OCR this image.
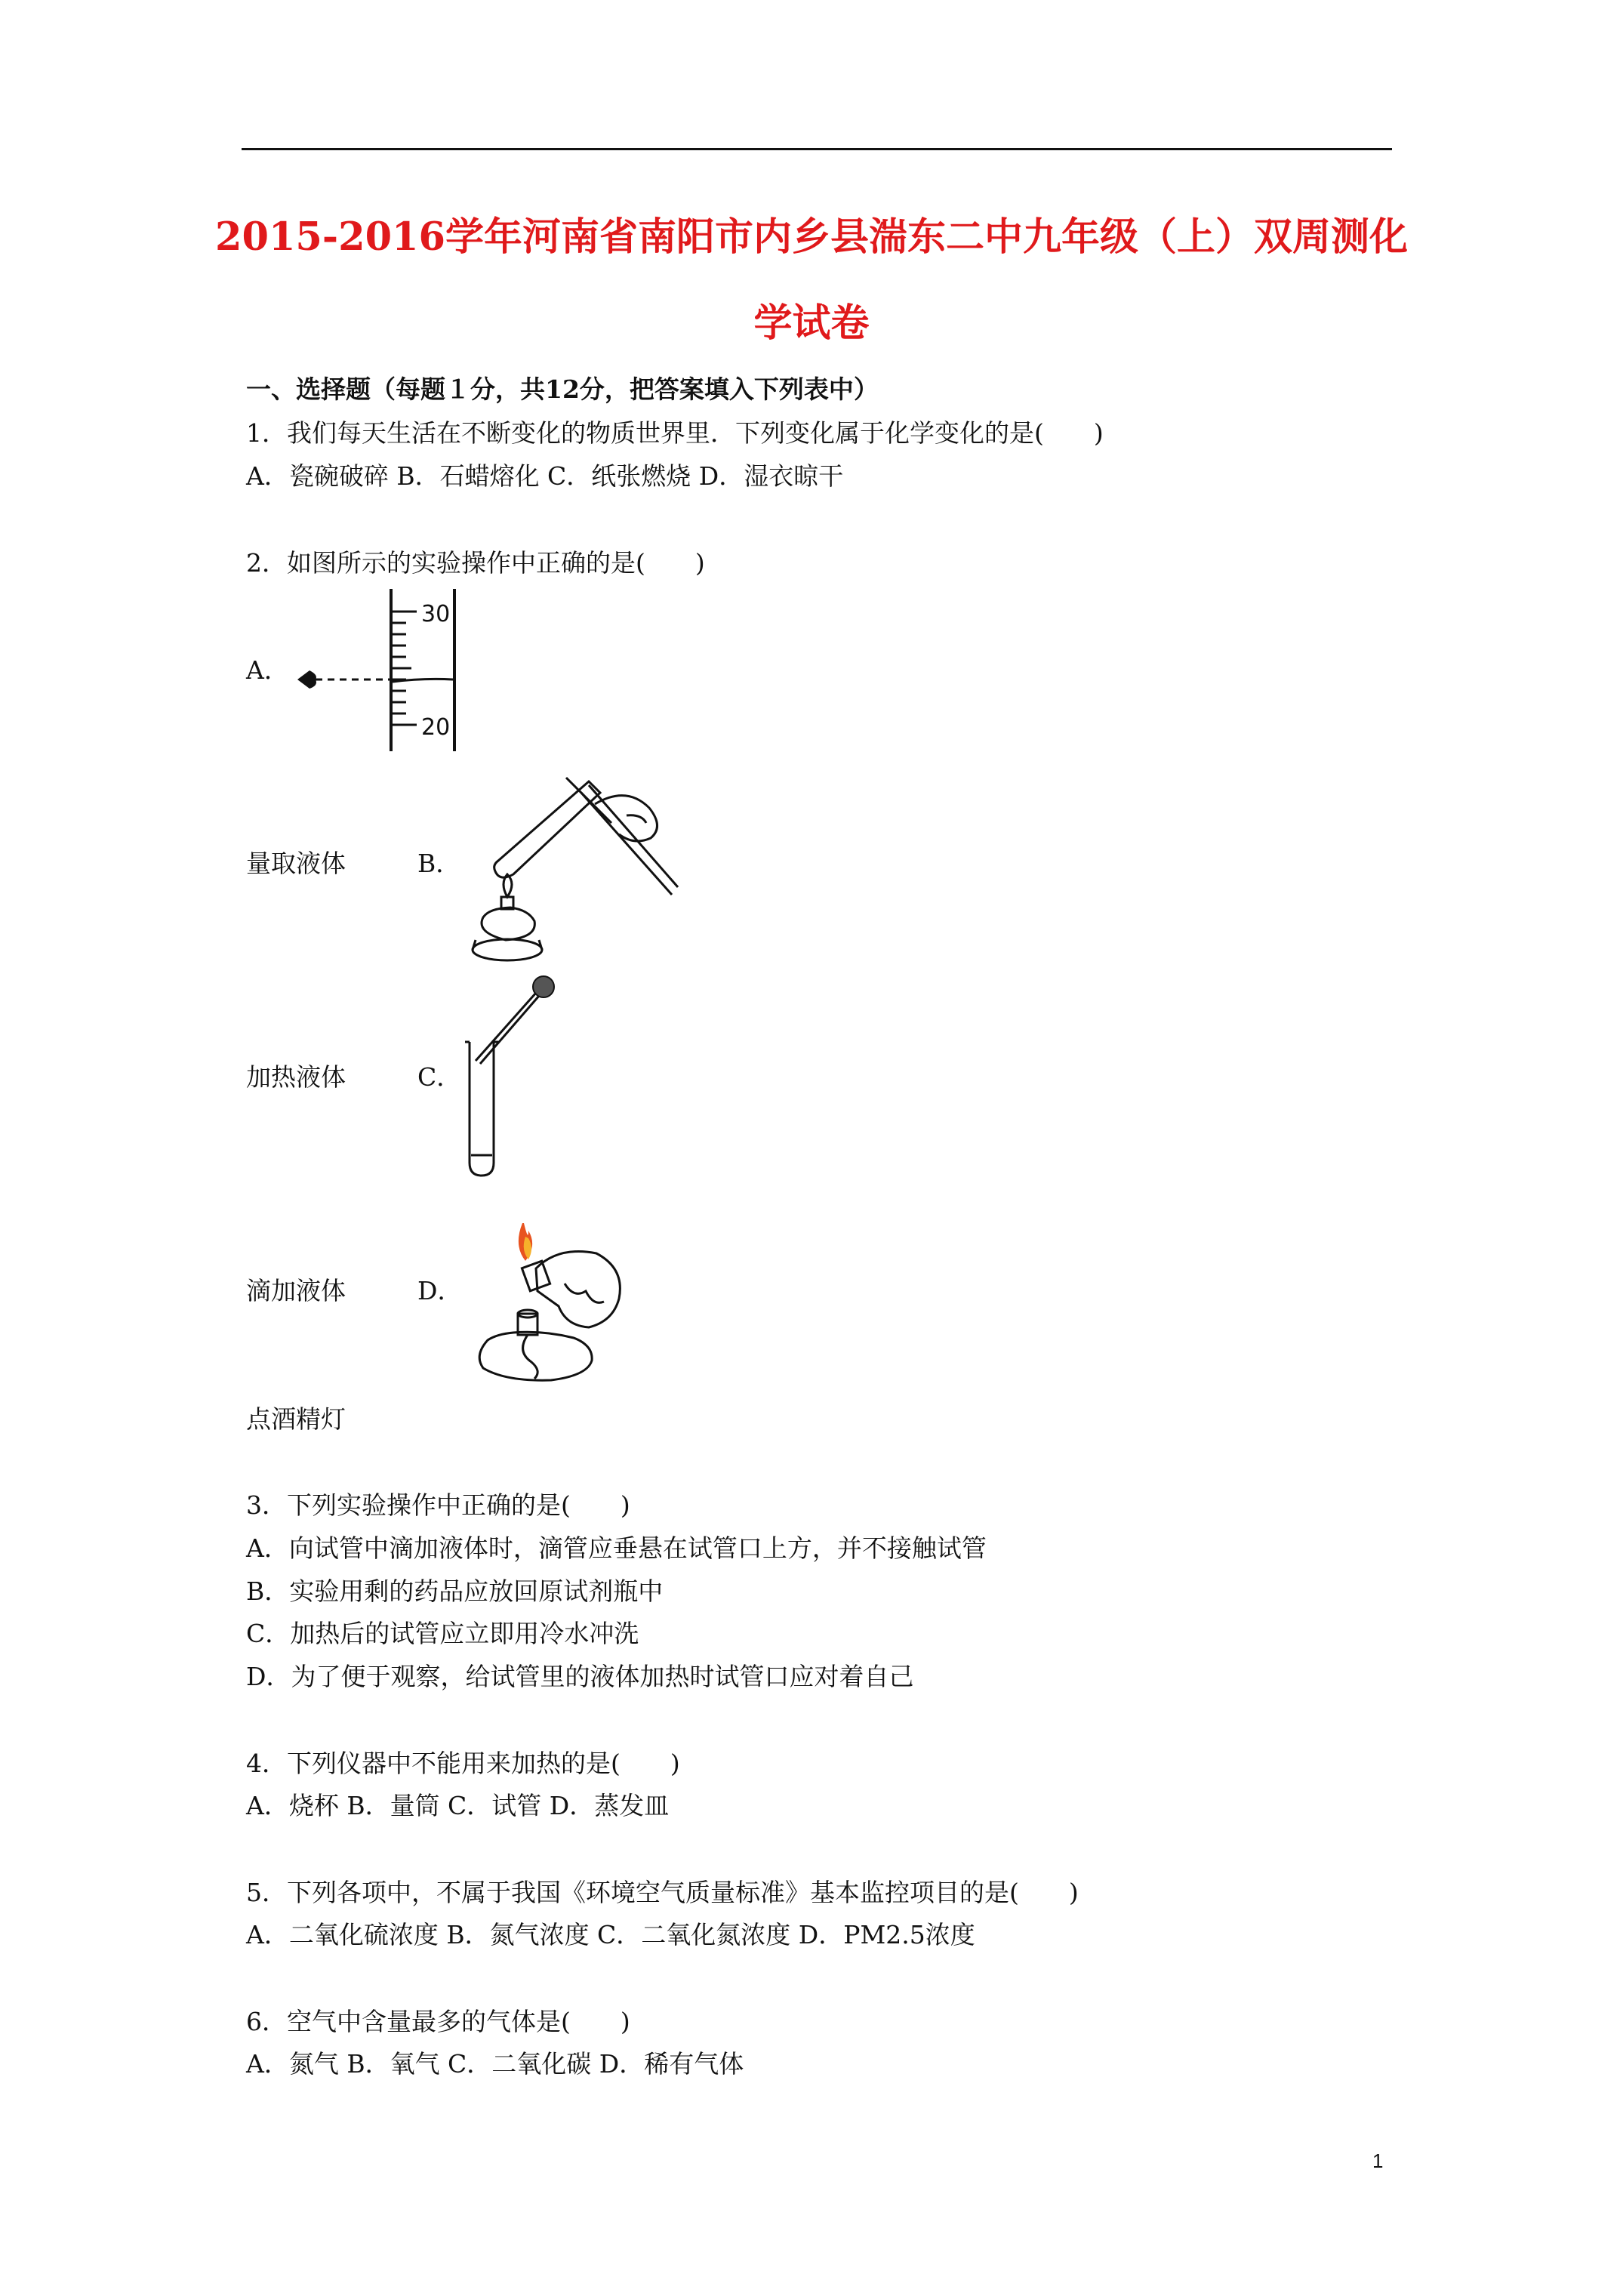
2015-2016学年河南省南阳市内乡县湍东二中九年级（上）双周测化
学试卷
一、选择题（每题１分，共12分，把答案填入下列表中）
1．我们每天生活在不断变化的物质世界里．下列变化属于化学变化的是(　　)
A．瓷碗破碎 B．石蜡熔化 C．纸张燃烧 D．湿衣晾干
2．如图所示的实验操作中正确的是(　　)
A．
30
20
量取液体	B．
加热液体	C．
滴加液体	D．
点酒精灯
3．下列实验操作中正确的是(　　)
A．向试管中滴加液体时，滴管应垂悬在试管口上方，并不接触试管
B．实验用剩的药品应放回原试剂瓶中
C．加热后的试管应立即用冷水冲洗
D．为了便于观察，给试管里的液体加热时试管口应对着自己
4．下列仪器中不能用来加热的是(　　)
A．烧杯 B．量筒 C．试管 D．蒸发皿
5．下列各项中，不属于我国《环境空气质量标准》基本监控项目的是(　　)
A．二氧化硫浓度 B．氮气浓度 C．二氧化氮浓度 D．PM2.5浓度
6．空气中含量最多的气体是(　　)
A．氮气 B．氧气 C．二氧化碳 D．稀有气体
1
